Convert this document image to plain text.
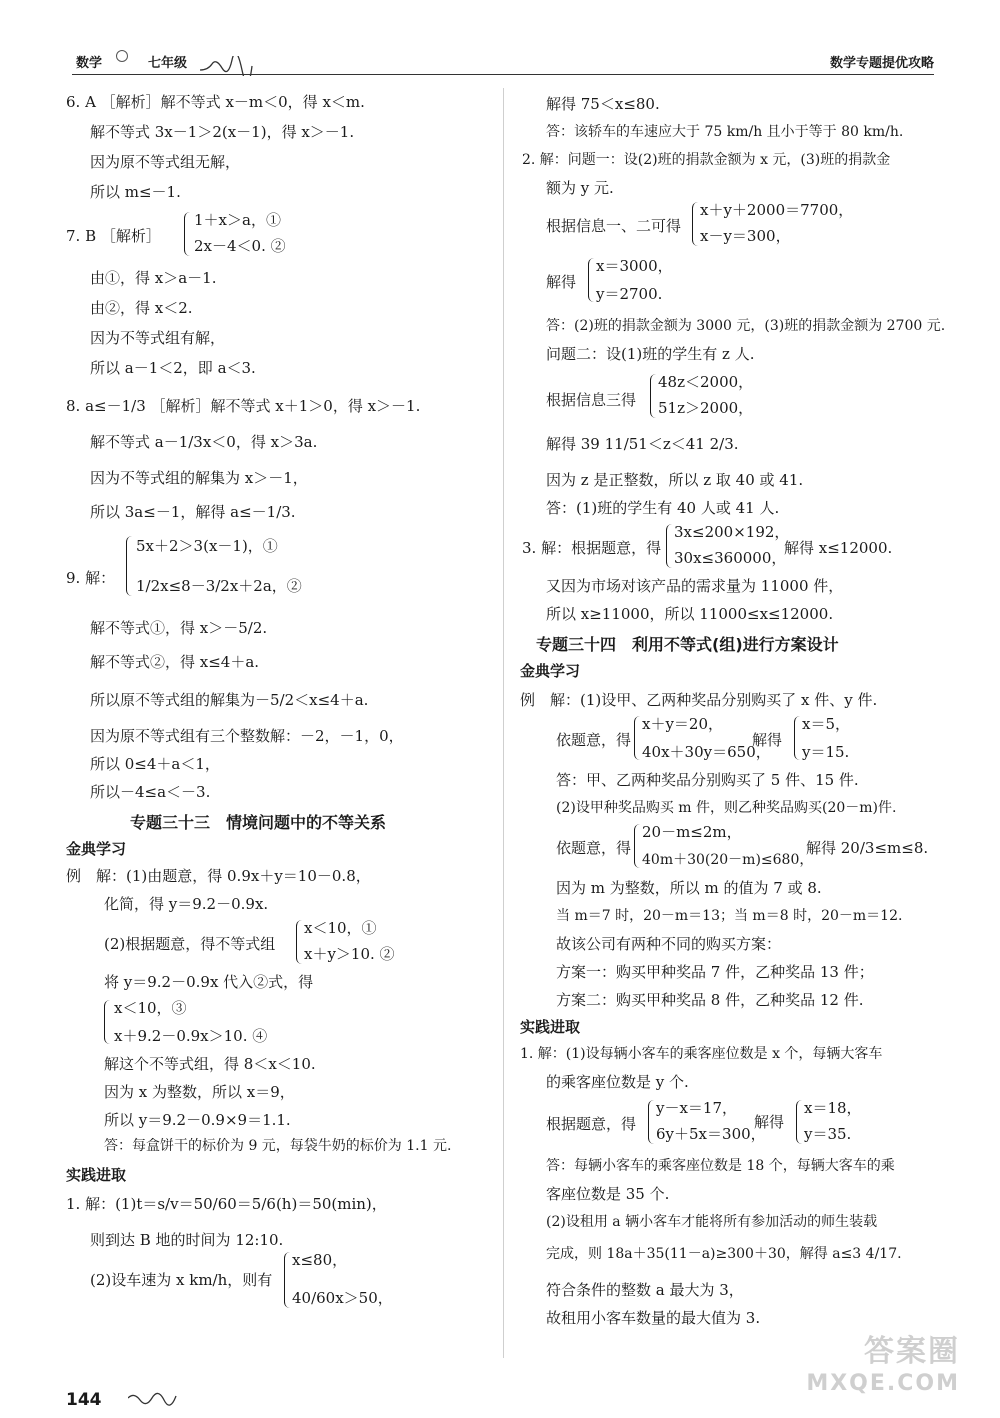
数学	七年级	数学专题提优攻略
6. A ［解析］解不等式 x－m＜0，得 x＜m.
解不等式 3x－1＞2(x－1)，得 x＞－1.
因为原不等式组无解，
所以 m≤－1.
7. B ［解析］
1＋x＞a，①
2x－4＜0. ②
由①，得 x＞a－1.
由②，得 x＜2.
因为不等式组有解，
所以 a－1＜2，即 a＜3.
8. a≤－1/3 ［解析］解不等式 x＋1＞0，得 x＞－1.
解不等式 a－1/3x＜0，得 x＞3a.
因为不等式组的解集为 x＞－1，
所以 3a≤－1，解得 a≤－1/3.
9. 解：
5x＋2＞3(x－1)，①
1/2x≤8－3/2x＋2a，②
解不等式①，得 x＞－5/2.
解不等式②，得 x≤4＋a.
所以原不等式组的解集为－5/2＜x≤4＋a.
因为原不等式组有三个整数解：－2，－1，0，
所以 0≤4＋a＜1，
所以－4≤a＜－3.
专题三十三　情境问题中的不等关系
金典学习
例　解：(1)由题意，得 0.9x＋y＝10－0.8，
化简，得 y＝9.2－0.9x.
(2)根据题意，得不等式组
x＜10，①
x＋y＞10. ②
将 y＝9.2－0.9x 代入②式，得
x＜10，③
x＋9.2－0.9x＞10. ④
解这个不等式组，得 8＜x＜10.
因为 x 为整数，所以 x＝9，
所以 y＝9.2－0.9×9＝1.1.
答：每盒饼干的标价为 9 元，每袋牛奶的标价为 1.1 元.
实践进取
1. 解：(1)t＝s/v＝50/60＝5/6(h)＝50(min)，
则到达 B 地的时间为 12:10.
(2)设车速为 x km/h，则有
x≤80，
40/60x＞50，
解得 75＜x≤80.
答：该轿车的车速应大于 75 km/h 且小于等于 80 km/h.
2. 解：问题一：设(2)班的捐款金额为 x 元，(3)班的捐款金
额为 y 元.
根据信息一、二可得
x＋y＋2000＝7700，
x－y＝300，
解得
x＝3000，
y＝2700.
答：(2)班的捐款金额为 3000 元，(3)班的捐款金额为 2700 元.
问题二：设(1)班的学生有 z 人.
根据信息三得
48z＜2000，
51z＞2000，
解得 39 11/51＜z＜41 2/3.
因为 z 是正整数，所以 z 取 40 或 41.
答：(1)班的学生有 40 人或 41 人.
3. 解：根据题意，得
3x≤200×192，
30x≤360000，
解得 x≤12000.
又因为市场对该产品的需求量为 11000 件，
所以 x≥11000，所以 11000≤x≤12000.
专题三十四　利用不等式(组)进行方案设计
金典学习
例　解：(1)设甲、乙两种奖品分别购买了 x 件、y 件.
依题意，得
x＋y＝20，
40x＋30y＝650，
解得
x＝5，
y＝15.
答：甲、乙两种奖品分别购买了 5 件、15 件.
(2)设甲种奖品购买 m 件，则乙种奖品购买(20－m)件.
依题意，得
20－m≤2m，
40m＋30(20－m)≤680，
解得 20/3≤m≤8.
因为 m 为整数，所以 m 的值为 7 或 8.
当 m＝7 时，20－m＝13；当 m＝8 时，20－m＝12.
故该公司有两种不同的购买方案：
方案一：购买甲种奖品 7 件，乙种奖品 13 件；
方案二：购买甲种奖品 8 件，乙种奖品 12 件.
实践进取
1. 解：(1)设每辆小客车的乘客座位数是 x 个，每辆大客车
的乘客座位数是 y 个.
根据题意，得
y－x＝17，
6y＋5x＝300，
解得
x＝18，
y＝35.
答：每辆小客车的乘客座位数是 18 个，每辆大客车的乘
客座位数是 35 个.
(2)设租用 a 辆小客车才能将所有参加活动的师生装载
完成，则 18a＋35(11－a)≥300＋30，解得 a≤3 4/17.
符合条件的整数 a 最大为 3，
故租用小客车数量的最大值为 3.
144
答案圈
MXQE.COM
